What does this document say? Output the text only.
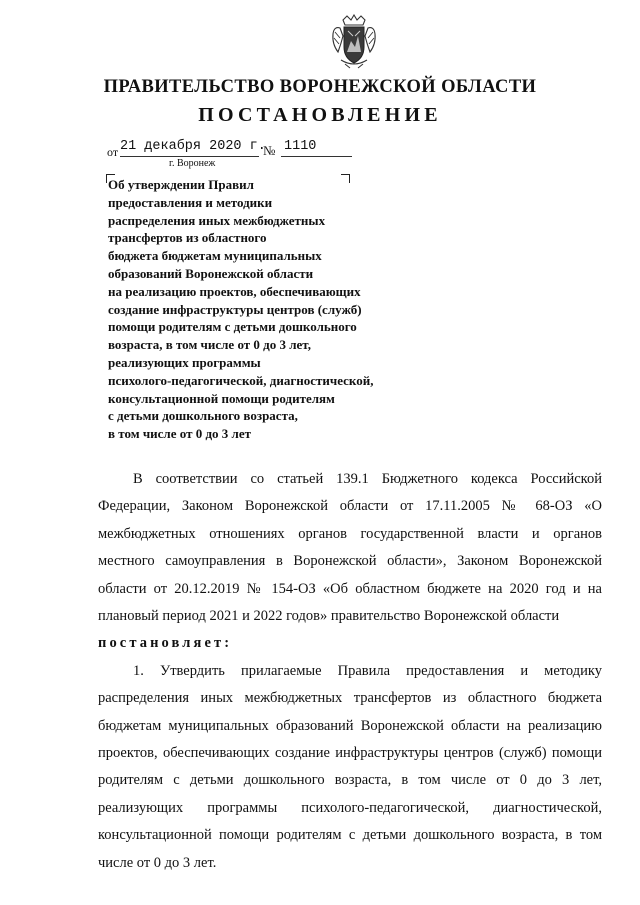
ПРАВИТЕЛЬСТВО ВОРОНЕЖСКОЙ ОБЛАСТИ
ПОСТАНОВЛЕНИЕ
от 21 декабря 2020 г.
№ 1110
г. Воронеж
Об утверждении Правил
предоставления и методики
распределения иных межбюджетных
трансфертов из областного
бюджета бюджетам муниципальных
образований Воронежской области
на реализацию проектов, обеспечивающих
создание инфраструктуры центров (служб)
помощи родителям с детьми дошкольного
возраста, в том числе от 0 до 3 лет,
реализующих программы
психолого-педагогической, диагностической,
консультационной помощи родителям
с детьми дошкольного возраста,
в том числе от 0 до 3 лет

В соответствии со статьей 139.1 Бюджетного кодекса Российской Федерации, Законом Воронежской области от 17.11.2005 № 68-ОЗ «О межбюджетных отношениях органов государственной власти и органов местного самоуправления в Воронежской области», Законом Воронежской области от 20.12.2019 № 154-ОЗ «Об областном бюджете на 2020 год и на плановый период 2021 и 2022 годов» правительство Воронежской области

постановляет:

1. Утвердить прилагаемые Правила предоставления и методику распределения иных межбюджетных трансфертов из областного бюджета бюджетам муниципальных образований Воронежской области на реализацию проектов, обеспечивающих создание инфраструктуры центров (служб) помощи родителям с детьми дошкольного возраста, в том числе от 0 до 3 лет, реализующих программы психолого-педагогической, диагностической, консультационной помощи родителям с детьми дошкольного возраста, в том числе от 0 до 3 лет.
